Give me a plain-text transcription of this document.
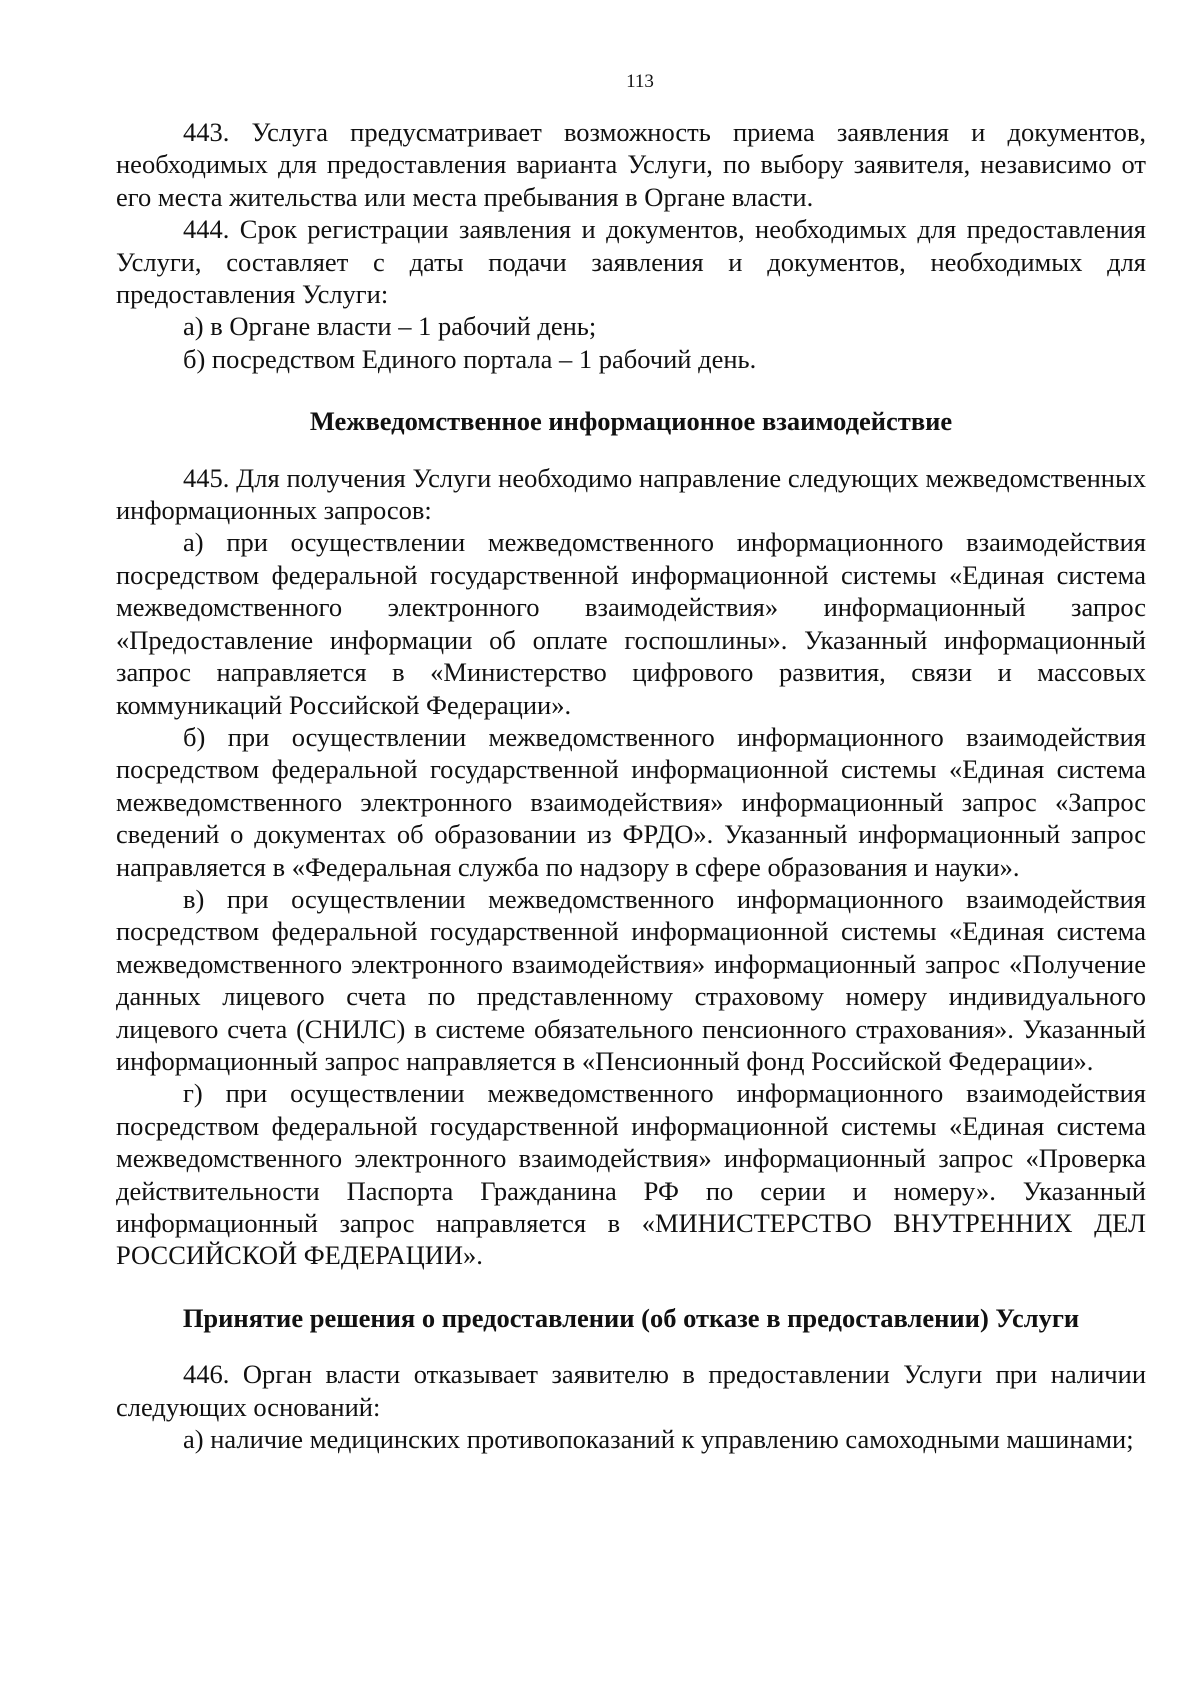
113

443. Услуга предусматривает возможность приема заявления и документов, необходимых для предоставления варианта Услуги, по выбору заявителя, независимо от его места жительства или места пребывания в Органе власти.

444. Срок регистрации заявления и документов, необходимых для предоставления Услуги, составляет с даты подачи заявления и документов, необходимых для предоставления Услуги:

а) в Органе власти – 1 рабочий день;

б) посредством Единого портала – 1 рабочий день.

Межведомственное информационное взаимодействие

445. Для получения Услуги необходимо направление следующих межведомственных информационных запросов:

а) при осуществлении межведомственного информационного взаимодействия посредством федеральной государственной информационной системы «Единая система межведомственного электронного взаимодействия» информационный запрос «Предоставление информации об оплате госпошлины». Указанный информационный запрос направляется в «Министерство цифрового развития, связи и массовых коммуникаций Российской Федерации».

б) при осуществлении межведомственного информационного взаимодействия посредством федеральной государственной информационной системы «Единая система межведомственного электронного взаимодействия» информационный запрос «Запрос сведений о документах об образовании из ФРДО». Указанный информационный запрос направляется в «Федеральная служба по надзору в сфере образования и науки».

в) при осуществлении межведомственного информационного взаимодействия посредством федеральной государственной информационной системы «Единая система межведомственного электронного взаимодействия» информационный запрос «Получение данных лицевого счета по представленному страховому номеру индивидуального лицевого счета (СНИЛС) в системе обязательного пенсионного страхования». Указанный информационный запрос направляется в «Пенсионный фонд Российской Федерации».

г) при осуществлении межведомственного информационного взаимодействия посредством федеральной государственной информационной системы «Единая система межведомственного электронного взаимодействия» информационный запрос «Проверка действительности Паспорта Гражданина РФ по серии и номеру». Указанный информационный запрос направляется в «МИНИСТЕРСТВО ВНУТРЕННИХ ДЕЛ РОССИЙСКОЙ ФЕДЕРАЦИИ».

Принятие решения о предоставлении (об отказе в предоставлении) Услуги

446. Орган власти отказывает заявителю в предоставлении Услуги при наличии следующих оснований:

а) наличие медицинских противопоказаний к управлению самоходными машинами;
